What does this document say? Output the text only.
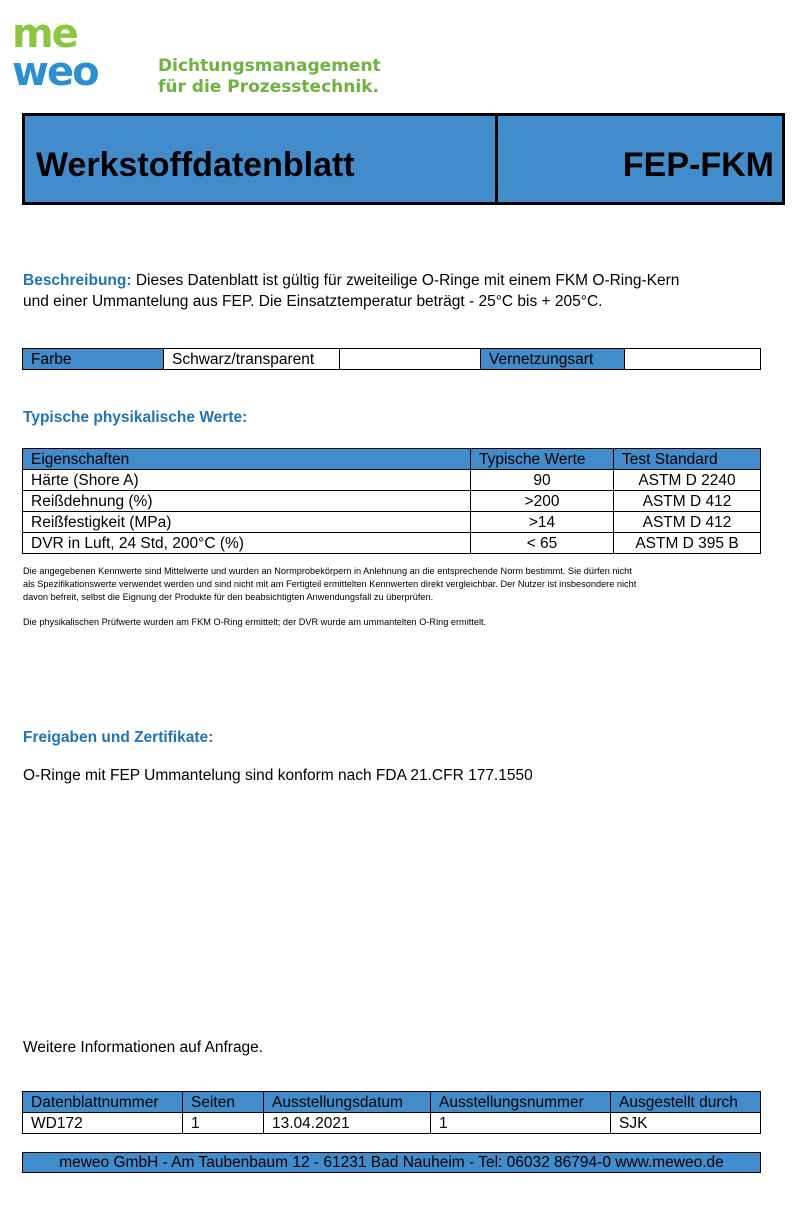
me
weo	Dichtungsmanagement
für die Prozesstechnik.
Werkstoffdatenblatt	FEP-FKM
Beschreibung: Dieses Datenblatt ist gültig für zweiteilige O-Ringe mit einem FKM O-Ring-Kern
und einer Ummantelung aus FEP. Die Einsatztemperatur beträgt - 25°C bis + 205°C.
Farbe	Schwarz/transparent		Vernetzungsart	
Typische physikalische Werte:
Eigenschaften	Typische Werte	Test Standard
Härte (Shore A)	90	ASTM D 2240
Reißdehnung (%)	>200	ASTM D 412
Reißfestigkeit (MPa)	>14	ASTM D 412
DVR in Luft, 24 Std, 200°C (%)	< 65	ASTM D 395 B
Die angegebenen Kennwerte sind Mittelwerte und wurden an Normprobekörpern in Anlehnung an die entsprechende Norm bestimmt. Sie dürfen nicht
als Spezifikationswerte verwendet werden und sind nicht mit am Fertigteil ermittelten Kennwerten direkt vergleichbar. Der Nutzer ist insbesondere nicht
davon befreit, selbst die Eignung der Produkte für den beabsichtigten Anwendungsfall zu überprüfen.
Die physikalischen Prüfwerte wurden am FKM O-Ring ermittelt; der DVR wurde am ummantelten O-Ring ermittelt.
Freigaben und Zertifikate:
O-Ringe mit FEP Ummantelung sind konform nach FDA 21.CFR 177.1550
Weitere Informationen auf Anfrage.
Datenblattnummer	Seiten	Ausstellungsdatum	Ausstellungsnummer	Ausgestellt durch
WD172	1	13.04.2021	1	SJK
meweo GmbH - Am Taubenbaum 12 - 61231 Bad Nauheim - Tel: 06032 86794-0 www.meweo.de
